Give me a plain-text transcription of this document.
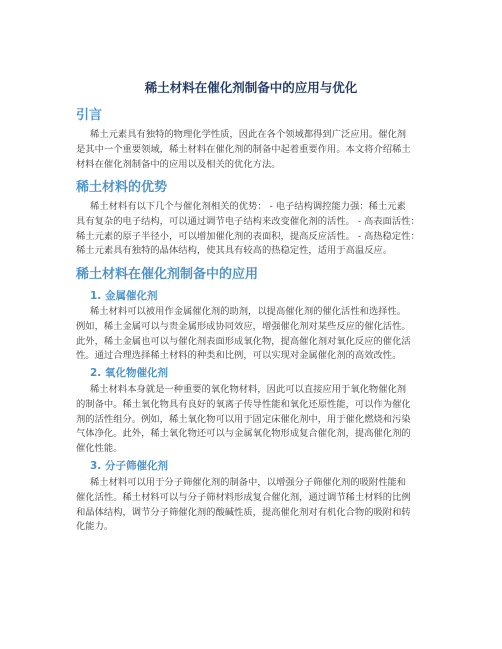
稀土材料在催化剂制备中的应用与优化
引言
稀土元素具有独特的物理化学性质，因此在各个领域都得到广泛应用。催化剂
是其中一个重要领域，稀土材料在催化剂的制备中起着重要作用。本文将介绍稀土
材料在催化剂制备中的应用以及相关的优化方法。
稀土材料的优势
稀土材料有以下几个与催化剂相关的优势： - 电子结构调控能力强：稀土元素
具有复杂的电子结构，可以通过调节电子结构来改变催化剂的活性。 - 高表面活性：
稀土元素的原子半径小，可以增加催化剂的表面积，提高反应活性。 - 高热稳定性：
稀土元素具有独特的晶体结构，使其具有较高的热稳定性，适用于高温反应。
稀土材料在催化剂制备中的应用
1. 金属催化剂
稀土材料可以被用作金属催化剂的助剂，以提高催化剂的催化活性和选择性。
例如，稀土金属可以与贵金属形成协同效应，增强催化剂对某些反应的催化活性。
此外，稀土金属也可以与催化剂表面形成氧化物，提高催化剂对氧化反应的催化活
性。通过合理选择稀土材料的种类和比例，可以实现对金属催化剂的高效改性。
2. 氧化物催化剂
稀土材料本身就是一种重要的氧化物材料，因此可以直接应用于氧化物催化剂
的制备中。稀土氧化物具有良好的氧离子传导性能和氧化还原性能，可以作为催化
剂的活性组分。例如，稀土氧化物可以用于固定床催化剂中，用于催化燃烧和污染
气体净化。此外，稀土氧化物还可以与金属氧化物形成复合催化剂，提高催化剂的
催化性能。
3. 分子筛催化剂
稀土材料可以用于分子筛催化剂的制备中，以增强分子筛催化剂的吸附性能和
催化活性。稀土材料可以与分子筛材料形成复合催化剂，通过调节稀土材料的比例
和晶体结构，调节分子筛催化剂的酸碱性质，提高催化剂对有机化合物的吸附和转
化能力。
